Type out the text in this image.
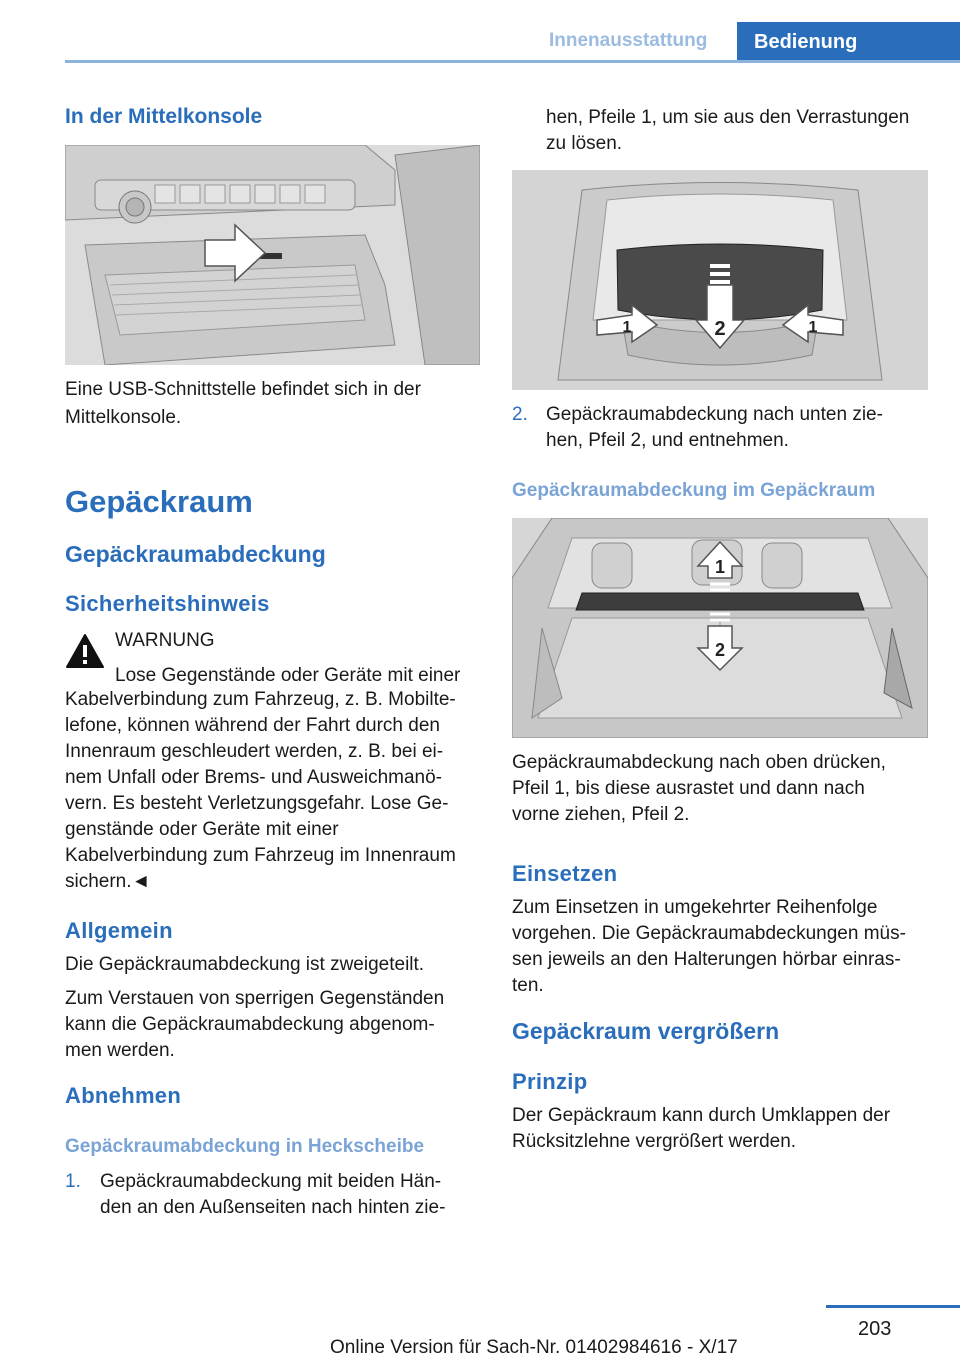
Innenausstattung Bedienung
In der Mittelkonsole
Eine USB-Schnittstelle befindet sich in der
Mittelkonsole.
Gepäckraum
Gepäckraumabdeckung
Sicherheitshinweis
WARNUNG
Lose Gegenstände oder Geräte mit einer
Kabelverbindung zum Fahrzeug, z. B. Mobilte-
lefone, können während der Fahrt durch den
Innenraum geschleudert werden, z. B. bei ei-
nem Unfall oder Brems- und Ausweichmanö-
vern. Es besteht Verletzungsgefahr. Lose Ge-
genstände oder Geräte mit einer
Kabelverbindung zum Fahrzeug im Innenraum
sichern.◄
Allgemein
Die Gepäckraumabdeckung ist zweigeteilt.
Zum Verstauen von sperrigen Gegenständen
kann die Gepäckraumabdeckung abgenom-
men werden.
Abnehmen
Gepäckraumabdeckung in Heckscheibe
1. Gepäckraumabdeckung mit beiden Hän-
den an den Außenseiten nach hinten zie-
hen, Pfeile 1, um sie aus den Verrastungen
zu lösen.
2
1	1
2. Gepäckraumabdeckung nach unten zie-
hen, Pfeil 2, und entnehmen.
Gepäckraumabdeckung im Gepäckraum
1
2
Gepäckraumabdeckung nach oben drücken,
Pfeil 1, bis diese ausrastet und dann nach
vorne ziehen, Pfeil 2.
Einsetzen
Zum Einsetzen in umgekehrter Reihenfolge
vorgehen. Die Gepäckraumabdeckungen müs-
sen jeweils an den Halterungen hörbar einras-
ten.
Gepäckraum vergrößern
Prinzip
Der Gepäckraum kann durch Umklappen der
Rücksitzlehne vergrößert werden.
203
Online Version für Sach-Nr. 01402984616 - X/17
